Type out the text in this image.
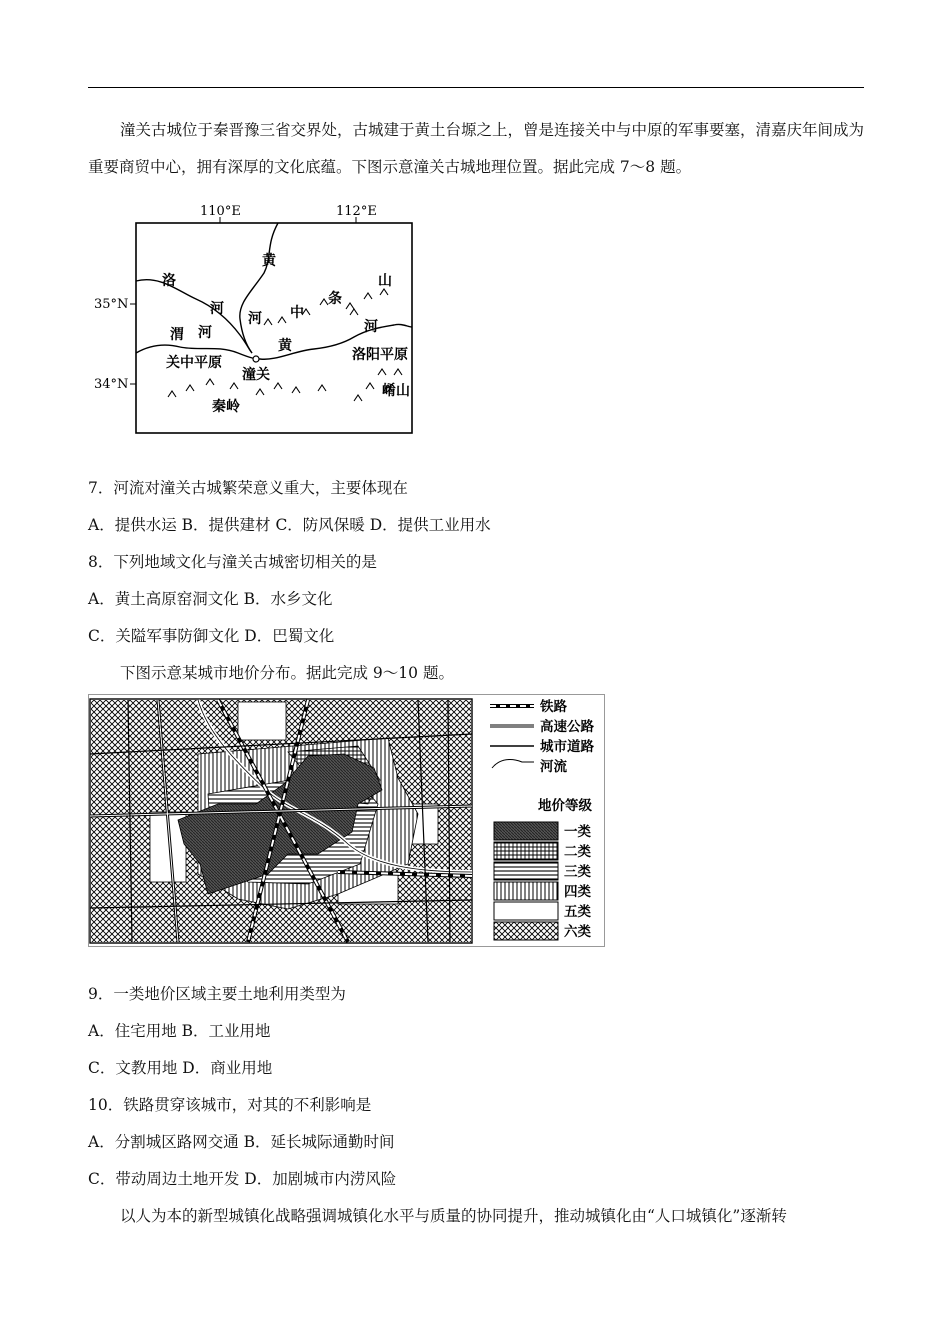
潼关古城位于秦晋豫三省交界处，古城建于黄土台塬之上，曾是连接关中与中原的军事要塞，清嘉庆年间成为重要商贸中心，拥有深厚的文化底蕴。下图示意潼关古城地理位置。据此完成 7～8 题。
110°E	112°E
35°N
34°N
洛
河
渭 河
黄
河 中
条
山
河
黄
关中平原	洛阳平原
潼关
秦岭
崤山
7．河流对潼关古城繁荣意义重大，主要体现在
A．提供水运 B．提供建材 C．防风保暖 D．提供工业用水
8．下列地域文化与潼关古城密切相关的是
A．黄土高原窑洞文化 B．水乡文化
C．关隘军事防御文化 D．巴蜀文化
下图示意某城市地价分布。据此完成 9～10 题。
铁路
高速公路
城市道路
河流
地价等级
一类
二类
三类
四类
五类
六类
9．一类地价区域主要土地利用类型为
A．住宅用地 B．工业用地
C．文教用地 D．商业用地
10．铁路贯穿该城市，对其的不利影响是
A．分割城区路网交通 B．延长城际通勤时间
C．带动周边土地开发 D．加剧城市内涝风险
以人为本的新型城镇化战略强调城镇化水平与质量的协同提升，推动城镇化由“人口城镇化”逐渐转
